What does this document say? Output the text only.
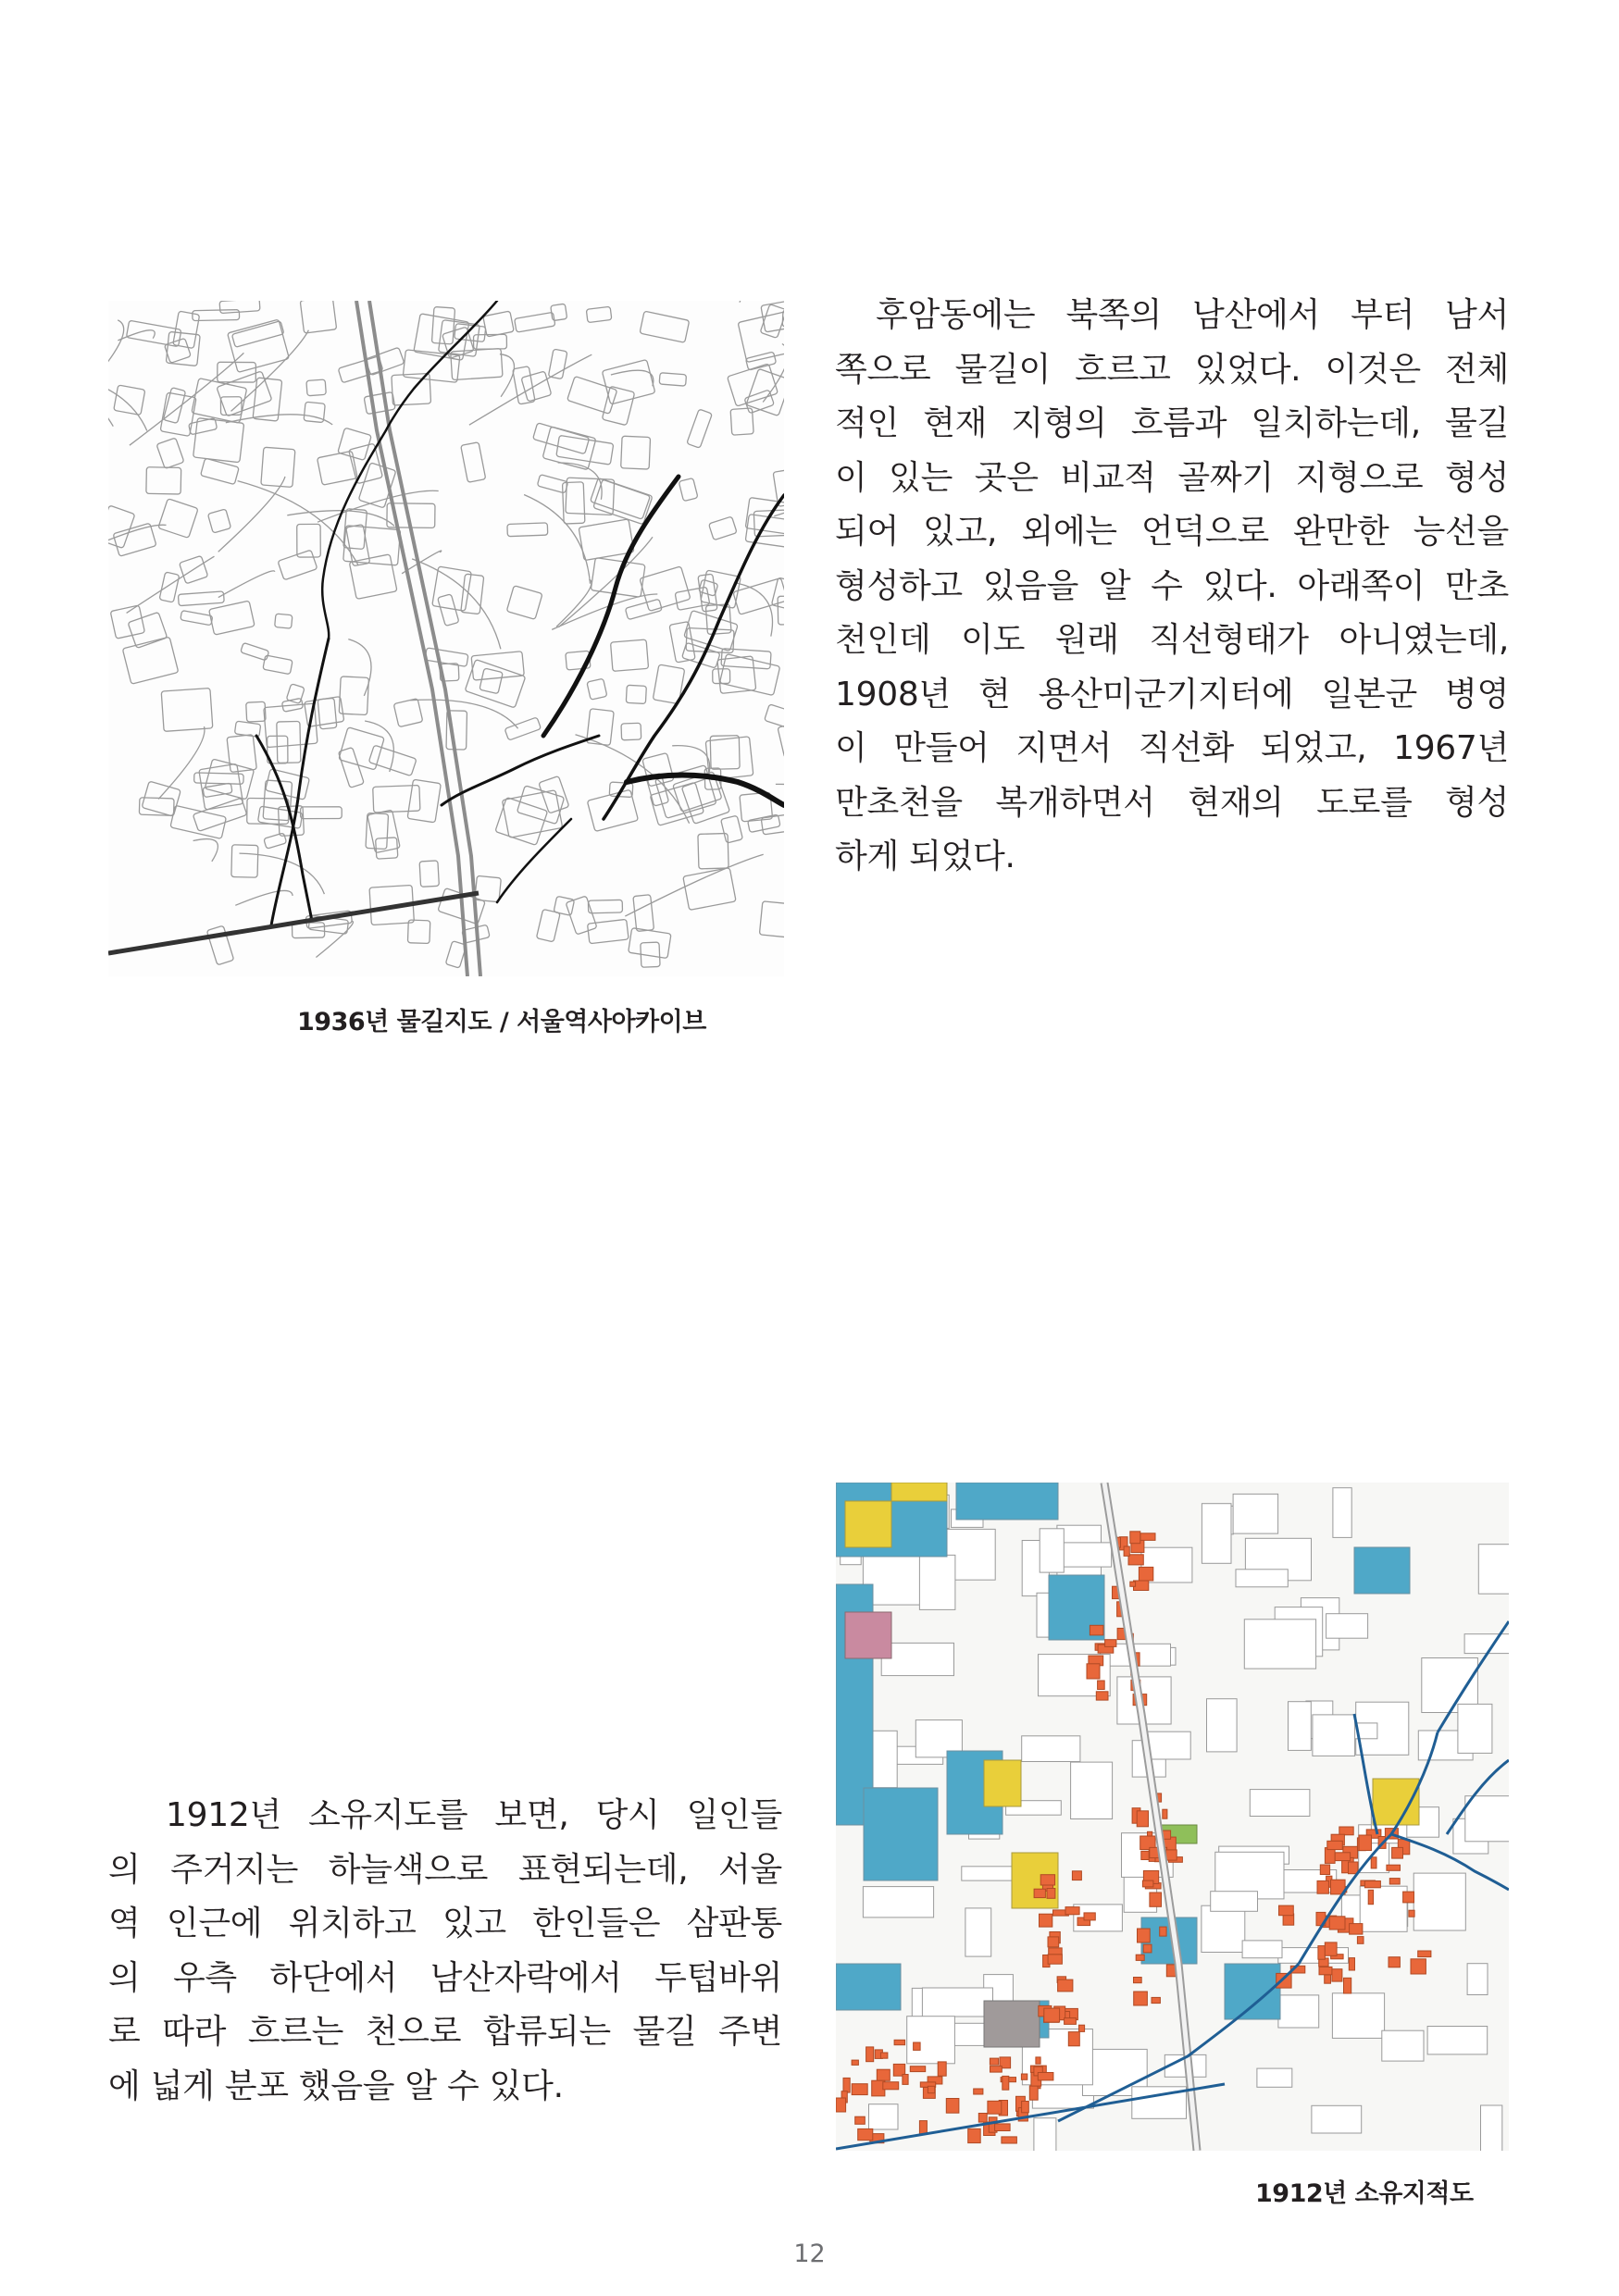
1936년 물길지도 / 서울역사아카이브
후암동에는 북쪽의 남산에서 부터 남서
쪽으로 물길이 흐르고 있었다. 이것은 전체
적인 현재 지형의 흐름과 일치하는데, 물길
이 있는 곳은 비교적 골짜기 지형으로 형성
되어 있고, 외에는 언덕으로 완만한 능선을
형성하고 있음을 알 수 있다. 아래쪽이 만초
천인데 이도 원래 직선형태가 아니였는데,
1908년 현 용산미군기지터에 일본군 병영
이 만들어 지면서 직선화 되었고, 1967년
만초천을 복개하면서 현재의 도로를 형성
하게 되었다.
1912년 소유지도를 보면, 당시 일인들
의 주거지는 하늘색으로 표현되는데, 서울
역 인근에 위치하고 있고 한인들은 삼판통
의 우측 하단에서 남산자락에서 두텁바위
로 따라 흐르는 천으로 합류되는 물길 주변
에 넓게 분포 했음을 알 수 있다.
1912년 소유지적도
12
